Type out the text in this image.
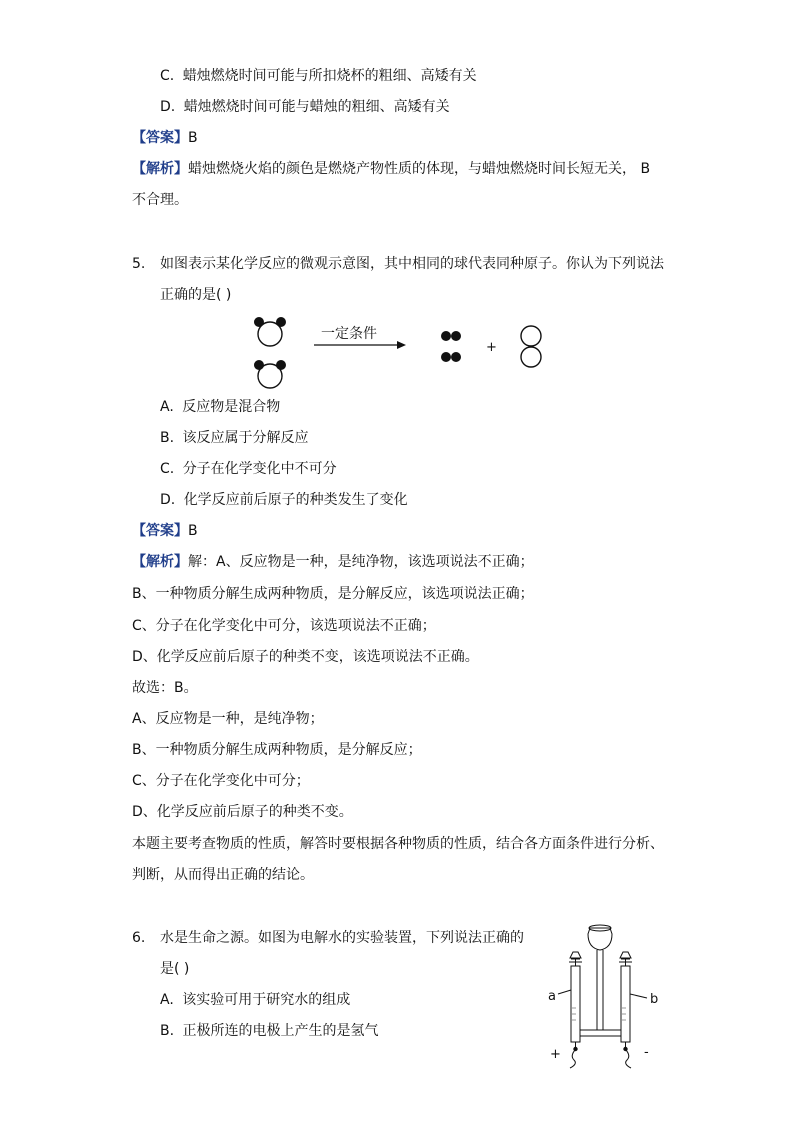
C. 蜡烛燃烧时间可能与所扣烧杯的粗细、高矮有关
D. 蜡烛燃烧时间可能与蜡烛的粗细、高矮有关
【答案】B
【解析】蜡烛燃烧火焰的颜色是燃烧产物性质的体现，与蜡烛燃烧时间长短无关， B
不合理。
5. 如图表示某化学反应的微观示意图，其中相同的球代表同种原子。你认为下列说法
正确的是( )
一定条件
+
A. 反应物是混合物
B. 该反应属于分解反应
C. 分子在化学变化中不可分
D. 化学反应前后原子的种类发生了变化
【答案】B
【解析】解：A、反应物是一种，是纯净物，该选项说法不正确；
B、一种物质分解生成两种物质，是分解反应，该选项说法正确；
C、分子在化学变化中可分，该选项说法不正确；
D、化学反应前后原子的种类不变，该选项说法不正确。
故选：B。
A、反应物是一种，是纯净物；
B、一种物质分解生成两种物质，是分解反应；
C、分子在化学变化中可分；
D、化学反应前后原子的种类不变。
本题主要考查物质的性质，解答时要根据各种物质的性质，结合各方面条件进行分析、
判断，从而得出正确的结论。
6. 水是生命之源。如图为电解水的实验装置，下列说法正确的
是( )
A. 该实验可用于研究水的组成
B. 正极所连的电极上产生的是氢气
a	b
+	-
